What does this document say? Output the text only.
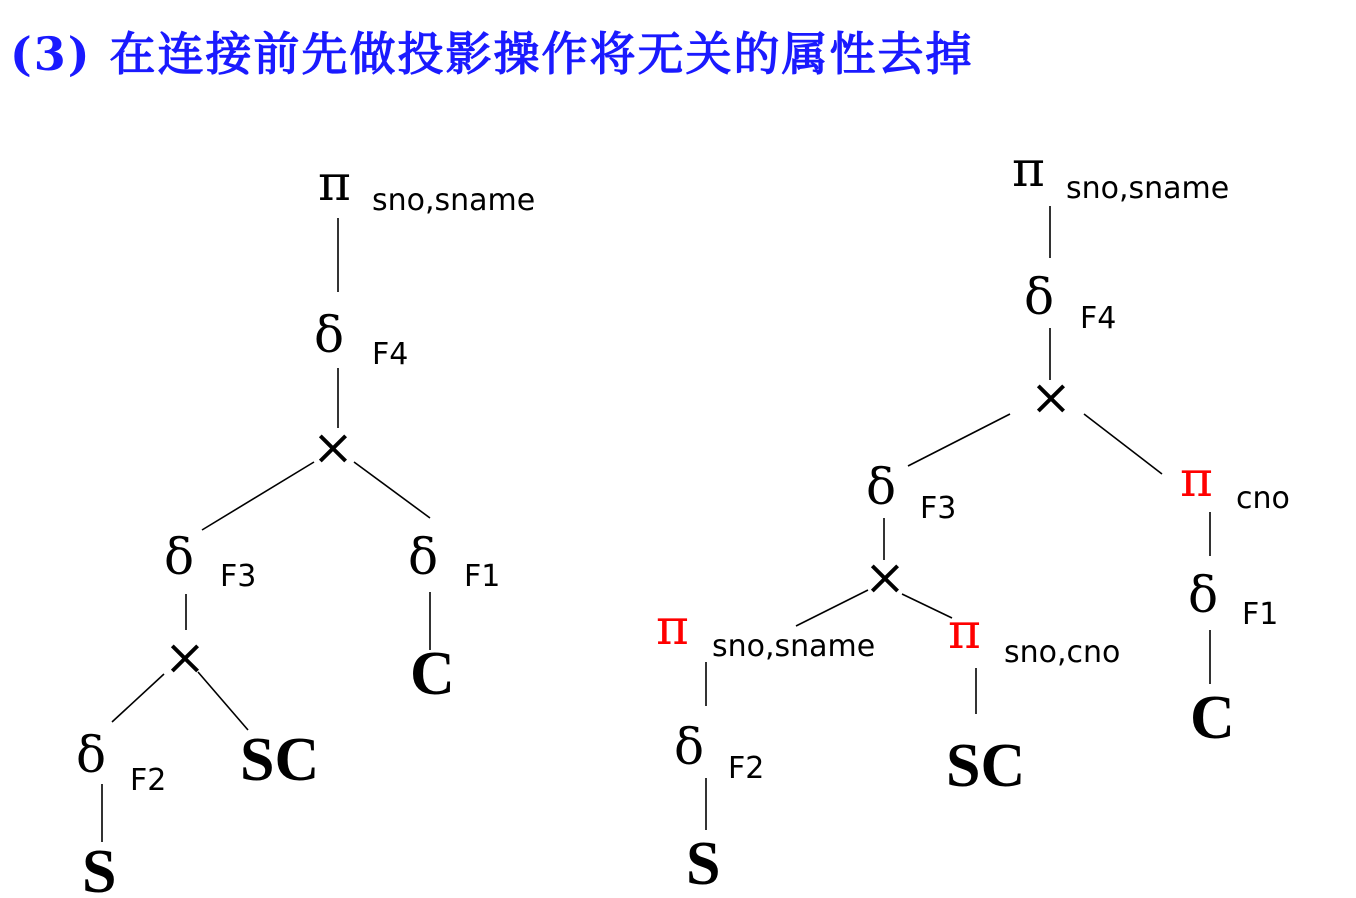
(3) 在连接前先做投影操作将无关的属性去掉
π sno,sname
δ F4
×
δ F3	δ F1
C
×
δ F2 SC
S
π sno,sname
δ F4
×
δ F3
π cno
δ F1
C
×
π sno,sname π sno,cno
δ F2	SC
S
